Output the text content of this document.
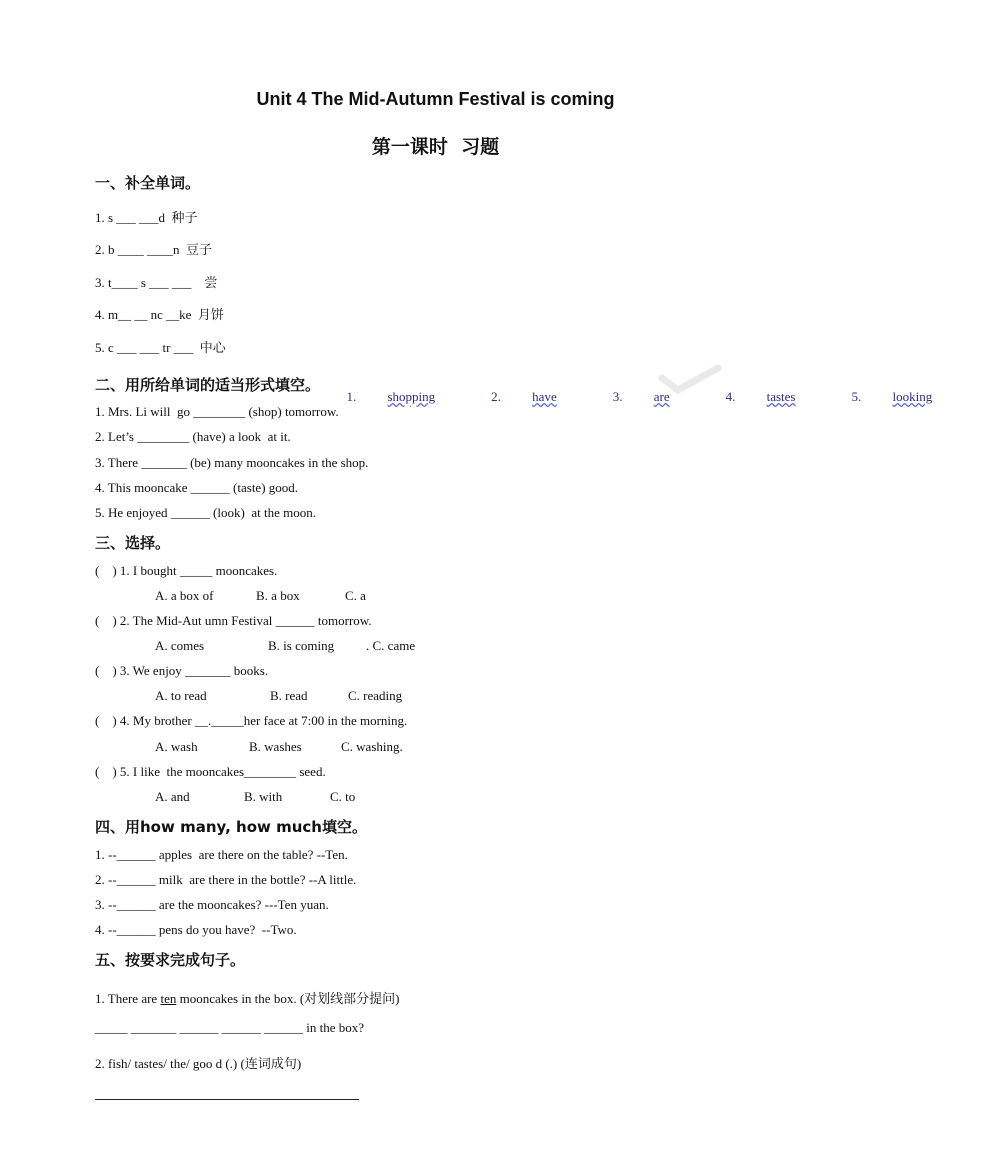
Unit 4 The Mid-Autumn Festival is coming
第一课时  习题
一、补全单词。
1. s ___ ___d  种子
2. b ____ ____n  豆子
3. t____ s ___ ___    尝
4. m__ __ nc __ke  月饼
5. c ___ ___ tr ___  中心
二、用所给单词的适当形式填空。

1. shopping	2. have	3. are	4. tastes	5. looking

1. Mrs. Li will  go ________ (shop) tomorrow.
2. Let’s ________ (have) a look  at it.
3. There _______ (be) many mooncakes in the shop.
4. This mooncake ______ (taste) good.
5. He enjoyed ______ (look)  at the moon.
三、选择。
(    ) 1. I bought _____ mooncakes.
A. a box of	B. a box	C. a
(    ) 2. The Mid-Aut umn Festival ______ tomorrow.
A. comes	B. is coming . C. came
(    ) 3. We enjoy _______ books.
A. to read	B. read	C. reading
(    ) 4. My brother __._____her face at 7:00 in the morning.
A. wash	B. washes	C. washing.
(    ) 5. I like  the mooncakes________ seed.
A. and	B. with	C. to
四、用how many, how much填空。
1. --______ apples  are there on the table? --Ten.
2. --______ milk  are there in the bottle? --A little.
3. --______ are the mooncakes? ---Ten yuan.
4. --______ pens do you have?  --Two.
五、按要求完成句子。
1. There are ten mooncakes in the box. (对划线部分提问)
_____ _______ ______ ______ ______ in the box?
2. fish/ tastes/ the/ goo d (.) (连词成句)
